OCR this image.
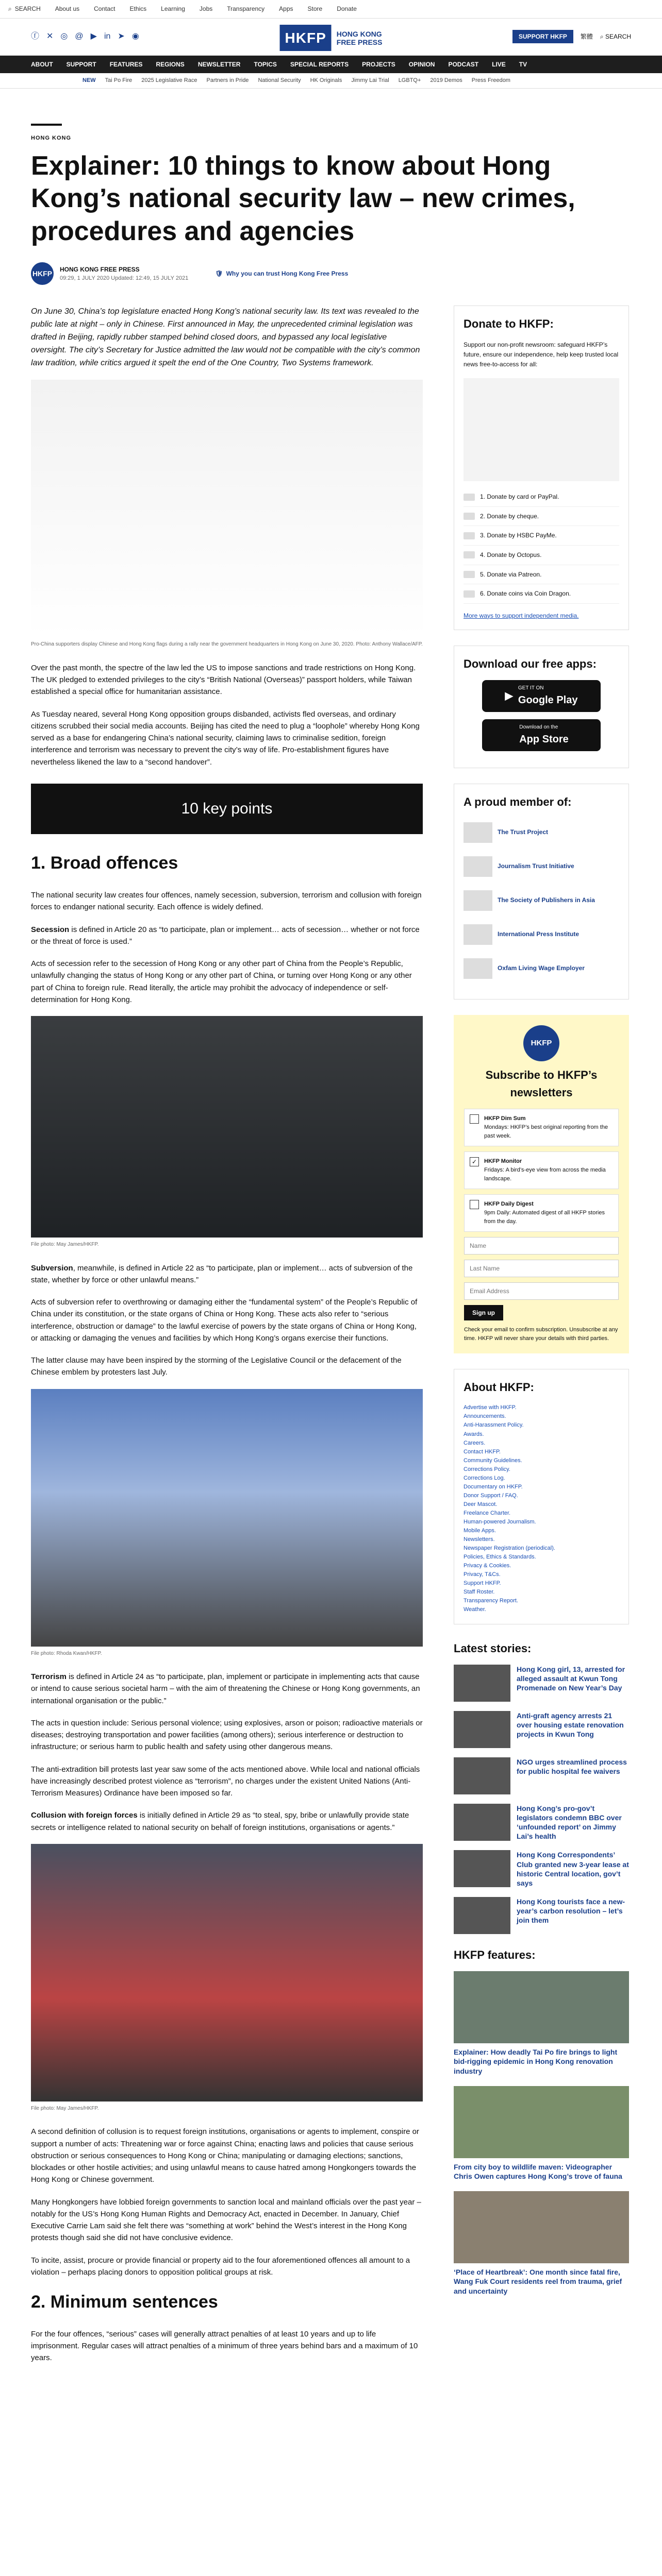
⌕ SEARCH About us Contact Ethics Learning Jobs Transparency Apps Store Donate
ⓕ ✕ ◎ @ ▶ in ➤ ◉	HKFP	HONG KONG
FREE PRESS
SUPPORT HKFP	繁體 ⌕ SEARCH
ABOUT SUPPORT FEATURES REGIONS NEWSLETTER TOPICS SPECIAL REPORTS PROJECTS OPINION PODCAST LIVE TV
NEW Tai Po Fire 2025 Legislative Race Partners in Pride National Security HK Originals Jimmy Lai Trial LGBTQ+ 2019 Demos Press Freedom
HONG KONG
Explainer: 10 things to know about Hong Kong’s national security law – new crimes, procedures and agencies
HKFP HONG KONG FREE PRESS
09:29, 1 JULY 2020 Updated: 12:49, 15 JULY 2021
🛡 Why you can trust Hong Kong Free Press

On June 30, China’s top legislature enacted Hong Kong’s national security law. Its text was revealed to the public late at night – only in Chinese. First announced in May, the unprecedented criminal legislation was drafted in Beijing, rapidly rubber stamped behind closed doors, and bypassed any local legislative oversight. The city’s Secretary for Justice admitted the law would not be compatible with the city’s common law tradition, while critics argued it spelt the end of the One Country, Two Systems framework.

Pro-China supporters display Chinese and Hong Kong flags during a rally near the government headquarters in Hong Kong on June 30, 2020. Photo: Anthony Wallace/AFP.

Over the past month, the spectre of the law led the US to impose sanctions and trade restrictions on Hong Kong. The UK pledged to extended privileges to the city’s “British National (Overseas)” passport holders, while Taiwan established a special office for humanitarian assistance.

As Tuesday neared, several Hong Kong opposition groups disbanded, activists fled overseas, and ordinary citizens scrubbed their social media accounts. Beijing has cited the need to plug a “loophole” whereby Hong Kong served as a base for endangering China’s national security, claiming laws to criminalise sedition, foreign interference and terrorism was necessary to prevent the city’s way of life. Pro-establishment figures have nevertheless likened the law to a “second handover”.

10 key points
1. Broad offences

The national security law creates four offences, namely secession, subversion, terrorism and collusion with foreign forces to endanger national security. Each offence is widely defined.

Secession is defined in Article 20 as “to participate, plan or implement… acts of secession… whether or not force or the threat of force is used.”

Acts of secession refer to the secession of Hong Kong or any other part of China from the People’s Republic, unlawfully changing the status of Hong Kong or any other part of China, or turning over Hong Kong or any other part of China to foreign rule. Read literally, the article may prohibit the advocacy of independence or self-determination for Hong Kong.

File photo: May James/HKFP.

Subversion, meanwhile, is defined in Article 22 as “to participate, plan or implement… acts of subversion of the state, whether by force or other unlawful means.”

Acts of subversion refer to overthrowing or damaging either the “fundamental system” of the People’s Republic of China under its constitution, or the state organs of China or Hong Kong. These acts also refer to “serious interference, obstruction or damage” to the lawful exercise of powers by the state organs of China or Hong Kong, or attacking or damaging the venues and facilities by which Hong Kong’s organs exercise their functions.

The latter clause may have been inspired by the storming of the Legislative Council or the defacement of the Chinese emblem by protesters last July.

File photo: Rhoda Kwan/HKFP.

Terrorism is defined in Article 24 as “to participate, plan, implement or participate in implementing acts that cause or intend to cause serious societal harm – with the aim of threatening the Chinese or Hong Kong governments, an international organisation or the public.”

The acts in question include: Serious personal violence; using explosives, arson or poison; radioactive materials or diseases; destroying transportation and power facilities (among others); serious interference or destruction to infrastructure; or serious harm to public health and safety using other dangerous means.

The anti-extradition bill protests last year saw some of the acts mentioned above. While local and national officials have increasingly described protest violence as “terrorism”, no charges under the existent United Nations (Anti-Terrorism Measures) Ordinance have been imposed so far.

Collusion with foreign forces is initially defined in Article 29 as “to steal, spy, bribe or unlawfully provide state secrets or intelligence related to national security on behalf of foreign institutions, organisations or agents.”

File photo: May James/HKFP.

A second definition of collusion is to request foreign institutions, organisations or agents to implement, conspire or support a number of acts: Threatening war or force against China; enacting laws and policies that cause serious obstruction or serious consequences to Hong Kong or China; manipulating or damaging elections; sanctions, blockades or other hostile activities; and using unlawful means to cause hatred among Hongkongers towards the Hong Kong or Chinese government.

Many Hongkongers have lobbied foreign governments to sanction local and mainland officials over the past year – notably for the US’s Hong Kong Human Rights and Democracy Act, enacted in December. In January, Chief Executive Carrie Lam said she felt there was “something at work” behind the West’s interest in the Hong Kong protests though said she did not have conclusive evidence.

To incite, assist, procure or provide financial or property aid to the four aforementioned offences all amount to a violation – perhaps placing donors to opposition political groups at risk.

2. Minimum sentences

For the four offences, “serious” cases will generally attract penalties of at least 10 years and up to life imprisonment. Regular cases will attract penalties of a minimum of three years behind bars and a maximum of 10 years.

Donate to HKFP:

Support our non-profit newsroom: safeguard HKFP’s future, ensure our independence, help keep trusted local news free-to-access for all:

1. Donate by card or PayPal.
2. Donate by cheque.
3. Donate by HSBC PayMe.
4. Donate by Octopus.
5. Donate via Patreon.
6. Donate coins via Coin Dragon.
More ways to support independent media.
Download our free apps:
▶
GET IT ON
Google Play
Download on the
App Store
A proud member of:
The Trust Project
Journalism Trust Initiative
The Society of Publishers in Asia
International Press Institute
Oxfam Living Wage Employer
HKFP
Subscribe to HKFP’s newsletters
HKFP Dim Sum
Mondays: HKFP’s best original reporting from the past week.
✓	HKFP Monitor
Fridays: A bird’s-eye view from across the media landscape.
HKFP Daily Digest
9pm Daily: Automated digest of all HKFP stories from the day.
Name Last Name Email Address Sign up

Check your email to confirm subscription. Unsubscribe at any time. HKFP will never share your details with third parties.

About HKFP:
Advertise with HKFP.
Announcements.
Anti-Harassment Policy.
Awards.
Careers.
Contact HKFP.
Community Guidelines.
Corrections Policy.
Corrections Log.
Documentary on HKFP.
Donor Support / FAQ.
Deer Mascot.
Freelance Charter.
Human-powered Journalism.
Mobile Apps.
Newsletters.
Newspaper Registration (periodical).
Policies, Ethics & Standards.
Privacy & Cookies.
Privacy, T&Cs.
Support HKFP.
Staff Roster.
Transparency Report.
Weather.
Latest stories:
Hong Kong girl, 13, arrested for alleged assault at Kwun Tong Promenade on New Year’s Day
Anti-graft agency arrests 21 over housing estate renovation projects in Kwun Tong
NGO urges streamlined process for public hospital fee waivers
Hong Kong’s pro-gov’t legislators condemn BBC over ‘unfounded report’ on Jimmy Lai’s health
Hong Kong Correspondents’ Club granted new 3-year lease at historic Central location, gov’t says
Hong Kong tourists face a new-year’s carbon resolution – let’s join them
HKFP features:
Explainer: How deadly Tai Po fire brings to light bid-rigging epidemic in Hong Kong renovation industry
From city boy to wildlife maven: Videographer Chris Owen captures Hong Kong’s trove of fauna
‘Place of Heartbreak’: One month since fatal fire, Wang Fuk Court residents reel from trauma, grief and uncertainty
